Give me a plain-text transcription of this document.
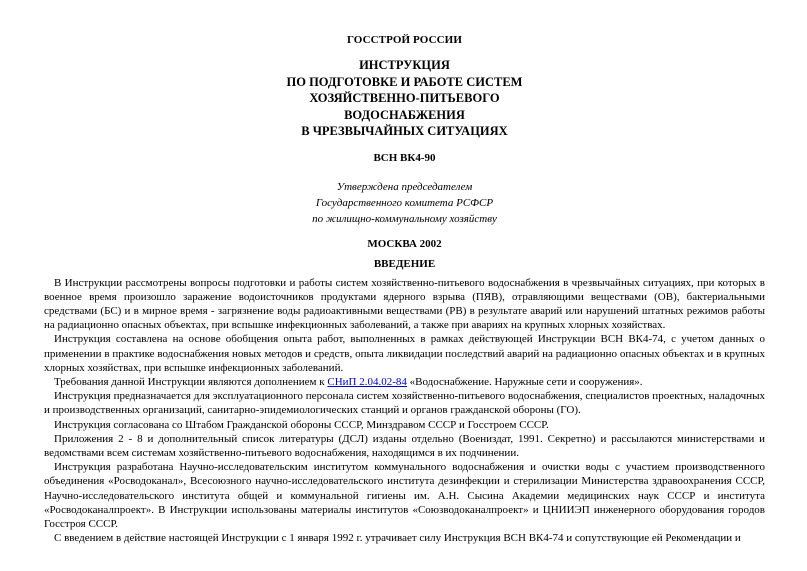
ГОССТРОЙ РОССИИ
ИНСТРУКЦИЯ
ПО ПОДГОТОВКЕ И РАБОТЕ СИСТЕМ
ХОЗЯЙСТВЕННО-ПИТЬЕВОГО
ВОДОСНАБЖЕНИЯ
В ЧРЕЗВЫЧАЙНЫХ СИТУАЦИЯХ
ВСН ВК4-90
Утверждена председателем
Государственного комитета РСФСР
по жилищно-коммунальному хозяйству
МОСКВА 2002
ВВЕДЕНИЕ

В Инструкции рассмотрены вопросы подготовки и работы систем хозяйственно-питьевого водоснабжения в чрезвычайных ситуациях, при которых в военное время произошло заражение водоисточников продуктами ядерного взрыва (ПЯВ), отравляющими веществами (ОВ), бактериальными средствами (БС) и в мирное время - загрязнение воды радиоактивными веществами (РВ) в результате аварий или нарушений штатных режимов работы на радиационно опасных объектах, при вспышке инфекционных заболеваний, а также при авариях на крупных хлорных хозяйствах.

Инструкция составлена на основе обобщения опыта работ, выполненных в рамках действующей Инструкции ВСН ВК4-74, с учетом данных о применении в практике водоснабжения новых методов и средств, опыта ликвидации последствий аварий на радиационно опасных объектах и в крупных хлорных хозяйствах, при вспышке инфекционных заболеваний.

Требования данной Инструкции являются дополнением к СНиП 2.04.02-84 «Водоснабжение. Наружные сети и сооружения».

Инструкция предназначается для эксплуатационного персонала систем хозяйственно-питьевого водоснабжения, специалистов проектных, наладочных и производственных организаций, санитарно-эпидемиологических станций и органов гражданской обороны (ГО).

Инструкция согласована со Штабом Гражданской обороны СССР, Минздравом СССР и Госстроем СССР.

Приложения 2 - 8 и дополнительный список литературы (ДСЛ) изданы отдельно (Воениздат, 1991. Секретно) и рассылаются министерствами и ведомствами всем системам хозяйственно-питьевого водоснабжения, находящимся в их подчинении.

Инструкция разработана Научно-исследовательским институтом коммунального водоснабжения и очистки воды с участием производственного объединения «Росводоканал», Всесоюзного научно-исследовательского института дезинфекции и стерилизации Министерства здравоохранения СССР, Научно-исследовательского института общей и коммунальной гигиены им. А.Н. Сысина Академии медицинских наук СССР и института «Росводоканалпроект». В Инструкции использованы материалы институтов «Союзводоканалпроект» и ЦНИИЭП инженерного оборудования городов Госстроя СССР.

С введением в действие настоящей Инструкции с 1 января 1992 г. утрачивает силу Инструкция ВСН ВК4-74 и сопутствующие ей Рекомендации и
